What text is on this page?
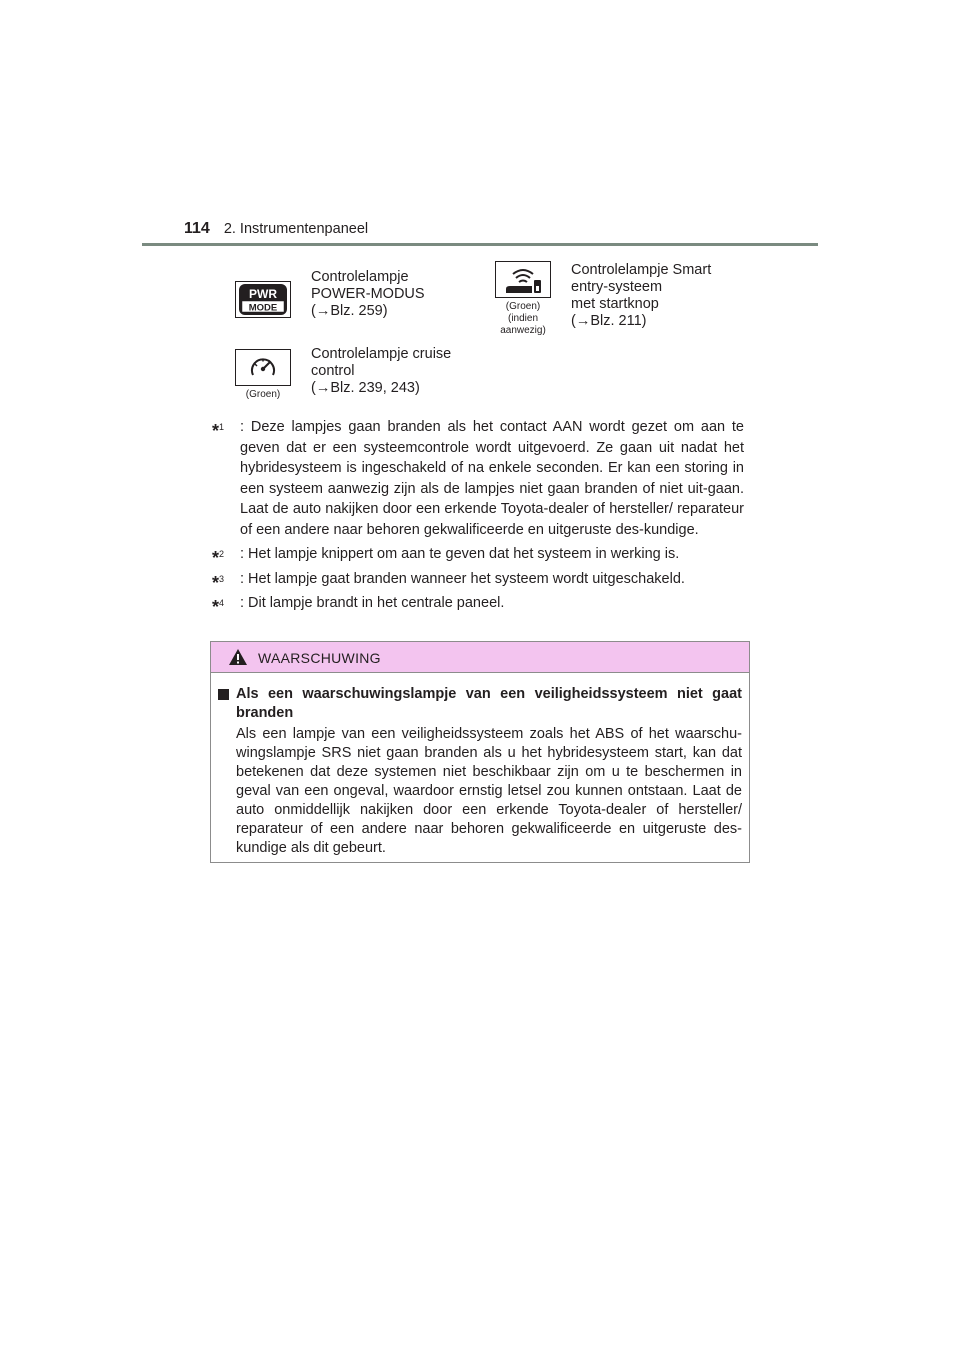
114 2. Instrumentenpaneel
PWR
MODE
Controlelampje
POWER-MODUS
(→Blz. 259)	(Groen)
(indien
aanwezig)
Controlelampje Smart
entry-systeem
met startknop
(→Blz. 211)
(Groen)
Controlelampje cruise
control
(→Blz. 239, 243)
*$^1$ : Deze lampjes gaan branden als het contact AAN wordt gezet om aan te geven dat er een systeemcontrole wordt uitgevoerd. Ze gaan uit nadat het hybridesysteem is ingeschakeld of na enkele seconden. Er kan een storing in een systeem aanwezig zijn als de lampjes niet gaan branden of niet uit-gaan. Laat de auto nakijken door een erkende Toyota-dealer of hersteller/ reparateur of een andere naar behoren gekwalificeerde en uitgeruste des-kundige.
*$^2$ : Het lampje knippert om aan te geven dat het systeem in werking is.
*$^3$ : Het lampje gaat branden wanneer het systeem wordt uitgeschakeld.
*$^4$ : Dit lampje brandt in het centrale paneel.
WAARSCHUWING
Als een waarschuwingslampje van een veiligheidssysteem niet gaat branden
Als een lampje van een veiligheidssysteem zoals het ABS of het waarschu-wingslampje SRS niet gaan branden als u het hybridesysteem start, kan dat betekenen dat deze systemen niet beschikbaar zijn om u te beschermen in geval van een ongeval, waardoor ernstig letsel zou kunnen ontstaan. Laat de auto onmiddellijk nakijken door een erkende Toyota-dealer of hersteller/ reparateur of een andere naar behoren gekwalificeerde en uitgeruste des-kundige als dit gebeurt.
